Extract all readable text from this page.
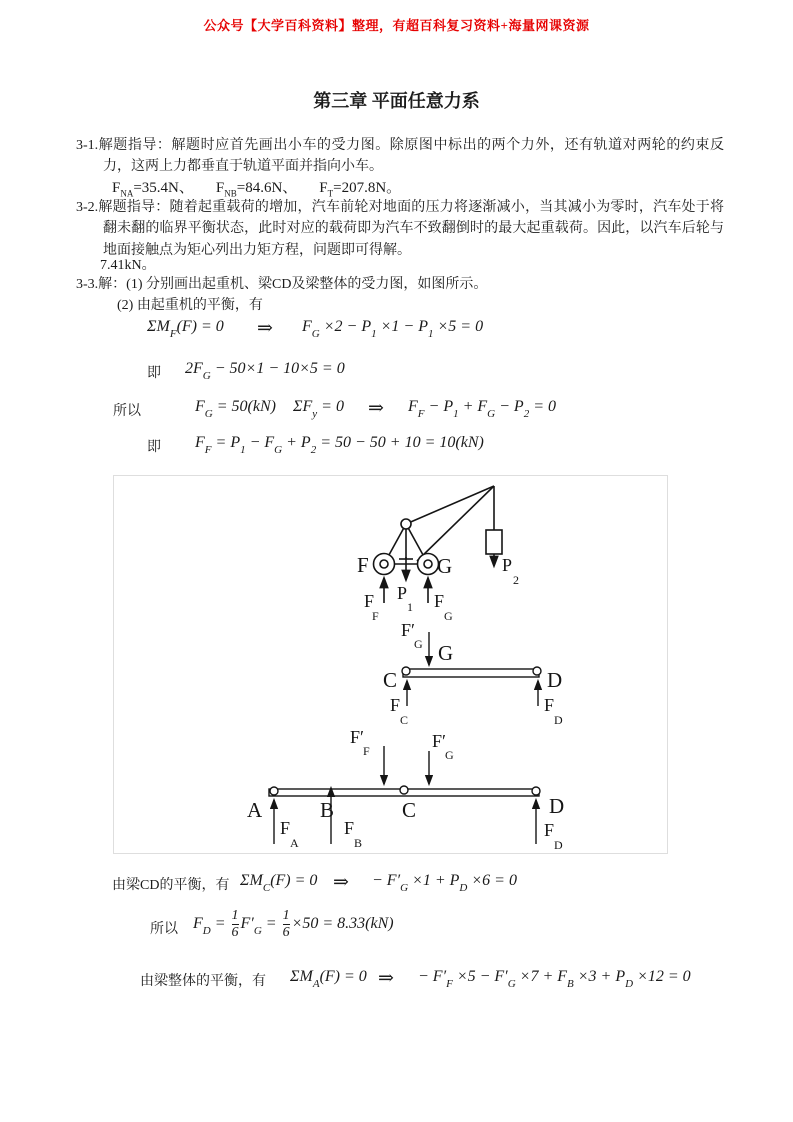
公众号【大学百科资料】整理，有超百科复习资料+海量网课资源
第三章 平面任意力系
3-1.解题指导：解题时应首先画出小车的受力图。除原图中标出的两个力外，还有轨道对两轮的约束反力，这两上力都垂直于轨道平面并指向小车。
$F_{NA}=35.4N$、 $F_{NB}=84.6N$、 $F_T=207.8N$。
3-2.解题指导：随着起重载荷的增加，汽车前轮对地面的压力将逐渐减小，当其减小为零时，汽车处于将翻未翻的临界平衡状态，此时对应的载荷即为汽车不致翻倒时的最大起重载荷。因此，以汽车后轮与地面接触点为矩心列出力矩方程，问题即可得解。
7.41kN。
3-3.解：(1) 分别画出起重机、梁CD及梁整体的受力图，如图所示。
(2) 由起重机的平衡，有
$\Sigma M_F(F) = 0$ ⇒ $F_G \times 2 - P_1 \times 1 - P_1 \times 5 = 0$
即 $2F_G - 50\times 1 - 10\times 5 = 0$
所以	$F_G = 50(kN) \Sigma F_y = 0$ ⇒ $F_F - P_1 + F_G - P_2 = 0$
即 $F_F = P_1 - F_G + P_2 = 50 - 50 + 10 = 10(kN)$
F	G
P
1
P
2
F
F
F
G
F′
G G
C	D
F
C
F
D
F′
F	F′
G
A	B	C	D
F
A
F
B
F
D
由梁CD的平衡，有 $\Sigma M_C(F) = 0$ ⇒ − $F'_G \times 1 + P_D \times 6 = 0$
所以 $F_D = \frac{1}{6} F'_G = \frac{1}{6} \times 50 = 8.33(kN)$
由梁整体的平衡，有 $\Sigma M_A(F) = 0$ ⇒ − $F'_F \times 5 - F'_G \times 7 + F_B \times 3 + P_D \times 12 = 0$
